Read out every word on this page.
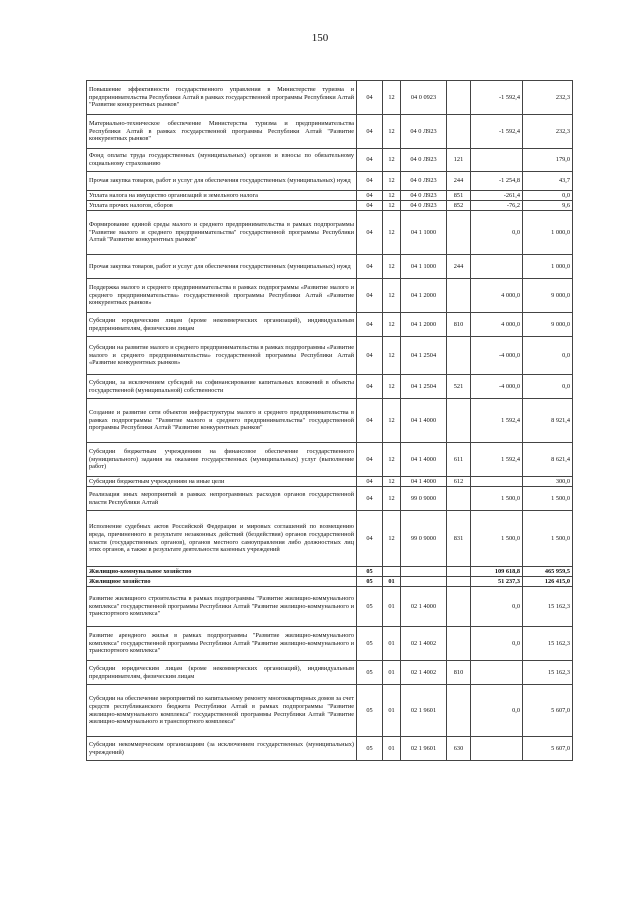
150
Повышение эффективности государственного управления в Министерстве туризма и предпринимательства Республики Алтай в рамках государственной программы Республики Алтай "Развитие конкурентных рынков"	04	12	04 0 0923		-1 592,4	232,3
Материально-техническое обеспечение Министерства туризма и предпринимательства Республики Алтай в рамках государственной программы Республики Алтай "Развитие конкурентных рынков"	04	12	04 0 Л923		-1 592,4	232,3
Фонд оплаты труда государственных (муниципальных) органов и взносы по обязательному социальному страхованию	04	12	04 0 Л923	121		179,0
Прочая закупка товаров, работ и услуг для обеспечения государственных (муниципальных) нужд	04	12	04 0 Л923	244	-1 254,8	43,7
Уплата налога на имущество организаций и земельного налога	04	12	04 0 Л923	851	-261,4	0,0
Уплата прочих налогов, сборов	04	12	04 0 Л923	852	-76,2	9,6
Формирование единой среды малого и среднего предпринимательства в рамках подпрограммы "Развитие малого и среднего предпринимательства" государственной программы Республики Алтай "Развитие конкурентных рынков"	04	12	04 1 1000		0,0	1 000,0
Прочая закупка товаров, работ и услуг для обеспечения государственных (муниципальных) нужд	04	12	04 1 1000	244		1 000,0
Поддержка малого и среднего предпринимательства в рамках подпрограммы «Развитие малого и среднего предпринимательства» государственной программы Республики Алтай «Развитие конкурентных рынков»	04	12	04 1 2000		4 000,0	9 000,0
Субсидии юридическим лицам (кроме некоммерческих организаций), индивидуальным предпринимателям, физическим лицам	04	12	04 1 2000	810	4 000,0	9 000,0
Субсидии на развитие малого и среднего предпринимательства в рамках подпрограммы «Развитие малого и среднего предпринимательства» государственной программы Республики Алтай «Развитие конкурентных рынков»	04	12	04 1 2504		-4 000,0	0,0
Субсидии, за исключением субсидий на софинансирование капитальных вложений в объекты государственной (муниципальной) собственности	04	12	04 1 2504	521	-4 000,0	0,0
Создание и развитие сети объектов инфраструктуры малого и среднего предпринимательства в рамках подпрограммы "Развитие малого и среднего предпринимательства" государственной программы Республики Алтай "Развитие конкурентных рынков"	04	12	04 1 4000		1 592,4	8 921,4
Субсидии бюджетным учреждениям на финансовое обеспечение государственного (муниципального) задания на оказание государственных (муниципальных) услуг (выполнение работ)	04	12	04 1 4000	611	1 592,4	8 621,4
Субсидии бюджетным учреждениям на иные цели	04	12	04 1 4000	612		300,0
Реализация иных мероприятий в рамках непрограммных расходов органов государственной власти Республики Алтай	04	12	99 0 9000		1 500,0	1 500,0
Исполнение судебных актов Российской Федерации и мировых соглашений по возмещению вреда, причиненного в результате незаконных действий (бездействия) органов государственной власти (государственных органов), органов местного самоуправления либо должностных лиц этих органов, а также в результате деятельности казенных учреждений	04	12	99 0 9000	831	1 500,0	1 500,0
Жилищно-коммунальное хозяйство	05				109 618,8	465 959,5
Жилищное хозяйство	05	01			51 237,3	126 415,0
Развитие жилищного строительства в рамках подпрограммы "Развитие жилищно-коммунального комплекса" государственной программы Республики Алтай "Развитие жилищно-коммунального и транспортного комплекса"	05	01	02 1 4000		0,0	15 162,3
Развитие арендного жилья в рамках подпрограммы "Развитие жилищно-коммунального комплекса" государственной программы Республики Алтай "Развитие жилищно-коммунального и транспортного комплекса"	05	01	02 1 4002		0,0	15 162,3
Субсидии юридическим лицам (кроме некоммерческих организаций), индивидуальным предпринимателям, физическим лицам	05	01	02 1 4002	810		15 162,3
Субсидии на обеспечение мероприятий по капитальному ремонту многоквартирных домов за счет средств республиканского бюджета Республики Алтай в рамках подпрограммы "Развитие жилищно-коммунального комплекса" государственной программы Республики Алтай "Развитие жилищно-коммунального и транспортного комплекса"	05	01	02 1 9601		0,0	5 607,0
Субсидии некоммерческим организациям (за исключением государственных (муниципальных) учреждений)	05	01	02 1 9601	630		5 607,0
